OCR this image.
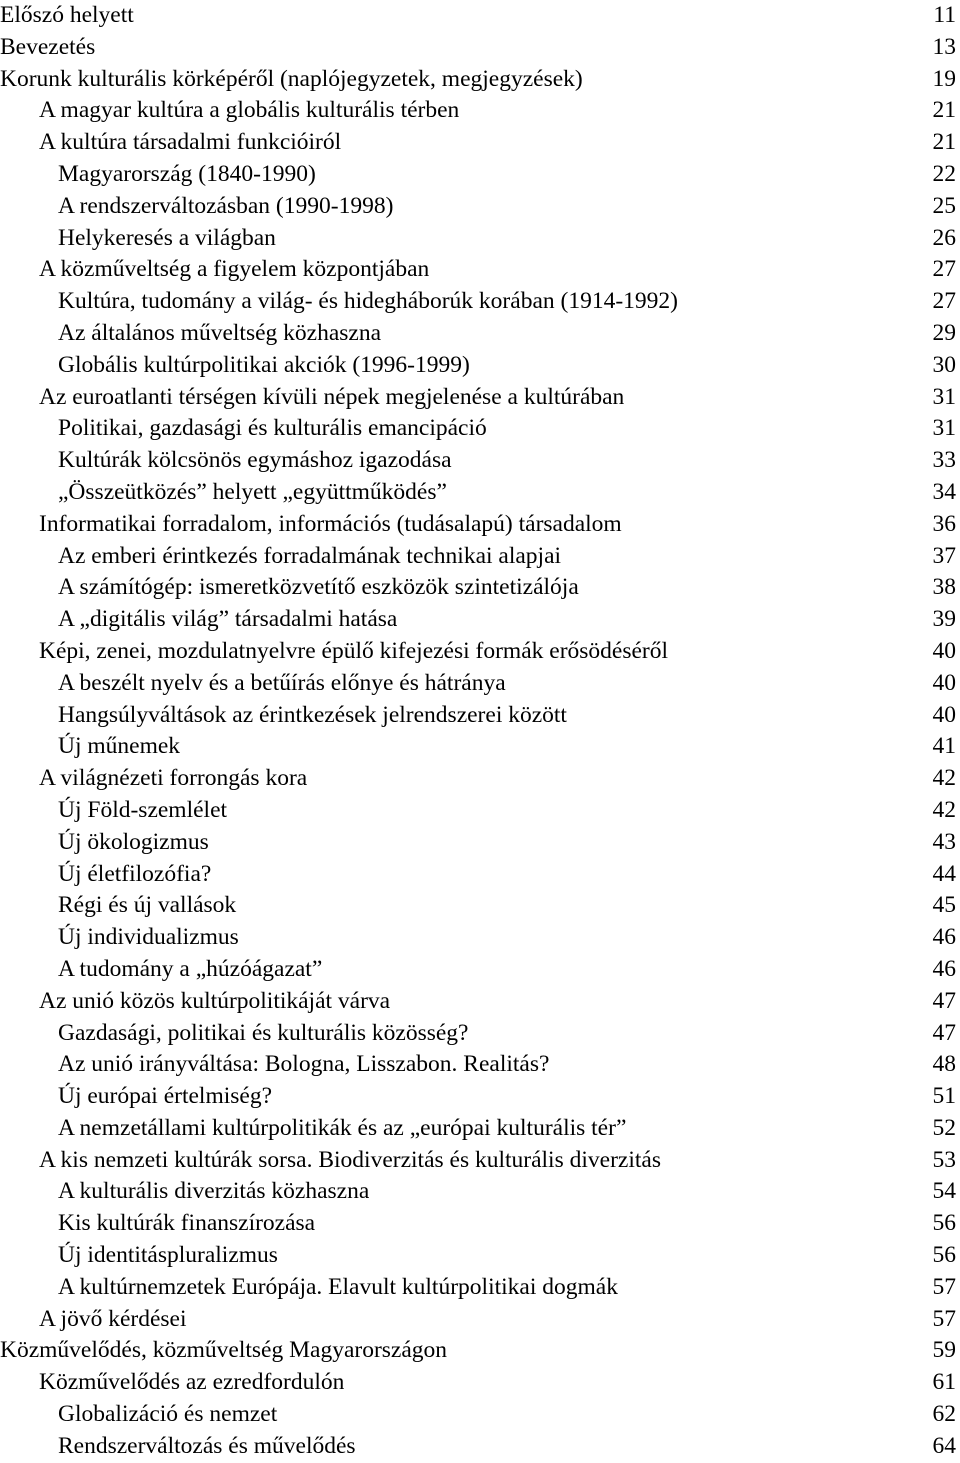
Előszó helyett	11
Bevezetés	13
Korunk kulturális körképéről (naplójegyzetek, megjegyzések)	19
A magyar kultúra a globális kulturális térben	21
A kultúra társadalmi funkcióiról	21
Magyarország (1840-1990)	22
A rendszerváltozásban (1990-1998)	25
Helykeresés a világban	26
A közműveltség a figyelem központjában	27
Kultúra, tudomány a világ- és hidegháborúk korában (1914-1992)	27
Az általános műveltség közhaszna	29
Globális kultúrpolitikai akciók (1996-1999)	30
Az euroatlanti térségen kívüli népek megjelenése a kultúrában	31
Politikai, gazdasági és kulturális emancipáció	31
Kultúrák kölcsönös egymáshoz igazodása	33
„Összeütközés” helyett „együttműködés”	34
Informatikai forradalom, információs (tudásalapú) társadalom	36
Az emberi érintkezés forradalmának technikai alapjai	37
A számítógép: ismeretközvetítő eszközök szintetizálója	38
A „digitális világ” társadalmi hatása	39
Képi, zenei, mozdulatnyelvre épülő kifejezési formák erősödéséről	40
A beszélt nyelv és a betűírás előnye és hátránya	40
Hangsúlyváltások az érintkezések jelrendszerei között	40
Új műnemek	41
A világnézeti forrongás kora	42
Új Föld-szemlélet	42
Új ökologizmus	43
Új életfilozófia?	44
Régi és új vallások	45
Új individualizmus	46
A tudomány a „húzóágazat”	46
Az unió közös kultúrpolitikáját várva	47
Gazdasági, politikai és kulturális közösség?	47
Az unió irányváltása: Bologna, Lisszabon. Realitás?	48
Új európai értelmiség?	51
A nemzetállami kultúrpolitikák és az „európai kulturális tér”	52
A kis nemzeti kultúrák sorsa. Biodiverzitás és kulturális diverzitás	53
A kulturális diverzitás közhaszna	54
Kis kultúrák finanszírozása	56
Új identitáspluralizmus	56
A kultúrnemzetek Európája. Elavult kultúrpolitikai dogmák	57
A jövő kérdései	57
Közművelődés, közműveltség Magyarországon	59
Közművelődés az ezredfordulón	61
Globalizáció és nemzet	62
Rendszerváltozás és művelődés	64
